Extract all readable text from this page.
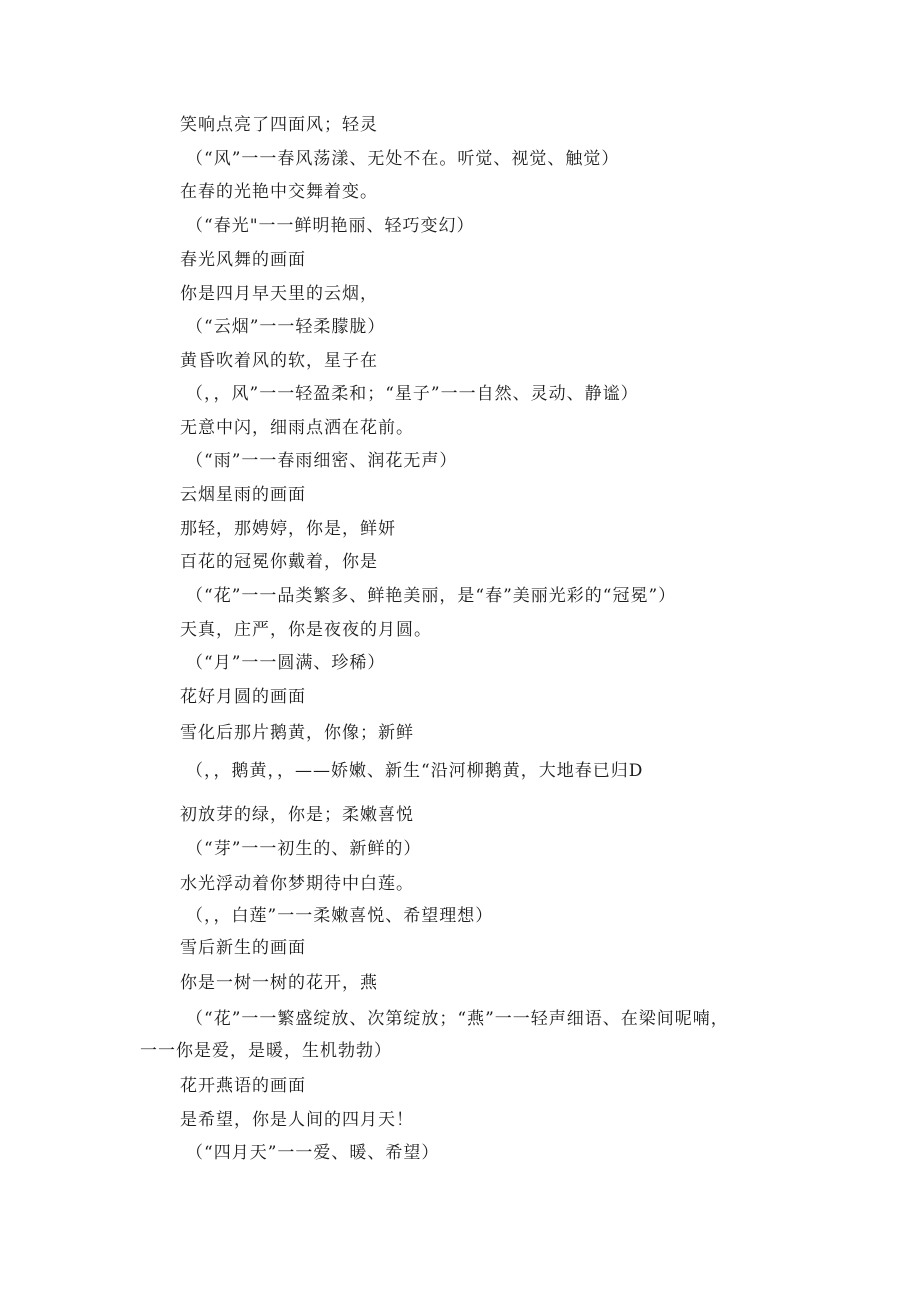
笑响点亮了四面风；轻灵
（“风”一一春风荡漾、无处不在。听觉、视觉、触觉）
在春的光艳中交舞着变。
（“春光"一一鲜明艳丽、轻巧变幻）
春光风舞的画面
你是四月早天里的云烟，
（“云烟”一一轻柔朦胧）
黄昏吹着风的软，星子在
（，，风”一一轻盈柔和；“星子”一一自然、灵动、静谧）
无意中闪，细雨点洒在花前。
（“雨”一一春雨细密、润花无声）
云烟星雨的画面
那轻，那娉婷，你是，鲜妍
百花的冠冕你戴着，你是
（“花”一一品类繁多、鲜艳美丽，是“春”美丽光彩的“冠冕”）
天真，庄严，你是夜夜的月圆。
（“月”一一圆满、珍稀）
花好月圆的画面
雪化后那片鹅黄，你像；新鲜
（，，鹅黄，，——娇嫩、新生“沿河柳鹅黄，大地春已归D
初放芽的绿，你是；柔嫩喜悦
（“芽”一一初生的、新鲜的）
水光浮动着你梦期待中白莲。
（，，白莲”一一柔嫩喜悦、希望理想）
雪后新生的画面
你是一树一树的花开，燕
（“花”一一繁盛绽放、次第绽放；“燕”一一轻声细语、在梁间呢喃，
一一你是爱，是暖，生机勃勃）
花开燕语的画面
是希望，你是人间的四月天！
（“四月天”一一爱、暖、希望）
